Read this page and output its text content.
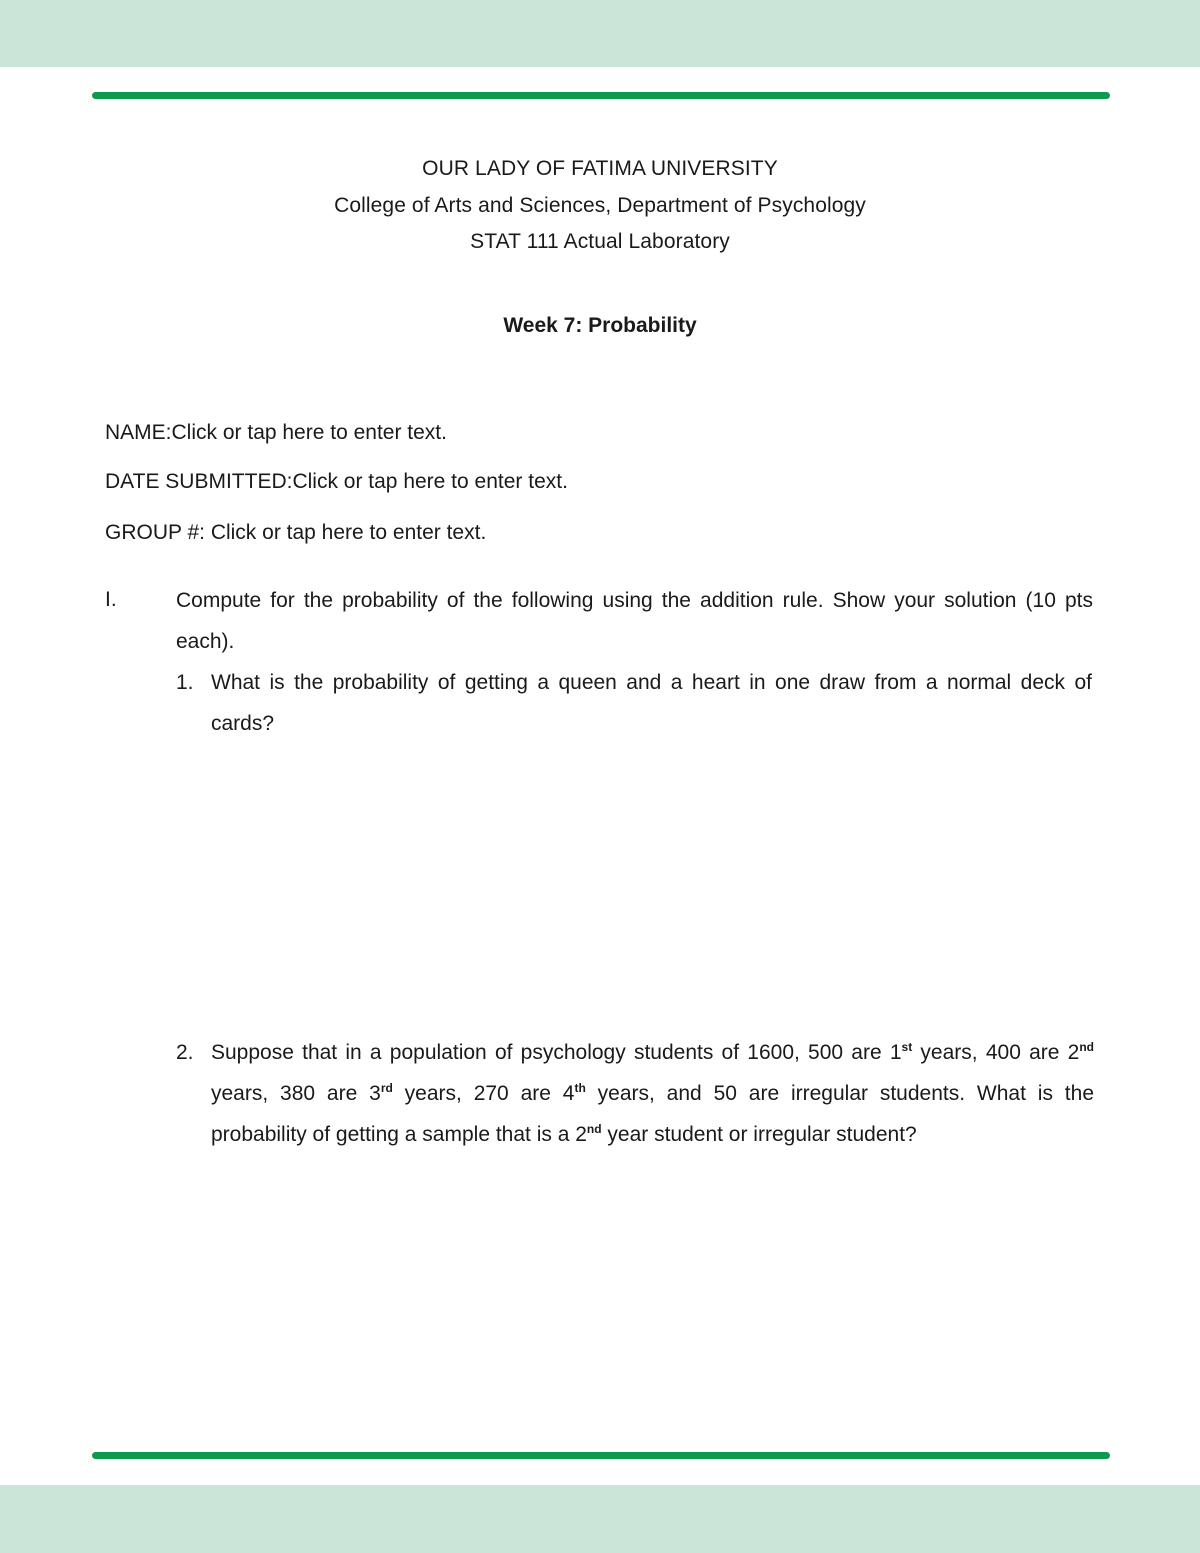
OUR LADY OF FATIMA UNIVERSITY
College of Arts and Sciences, Department of Psychology
STAT 111 Actual Laboratory
Week 7: Probability
NAME:Click or tap here to enter text.
DATE SUBMITTED:Click or tap here to enter text.
GROUP #: Click or tap here to enter text.
I.	Compute for the probability of the following using the addition rule. Show your solution (10 pts each).
1. What is the probability of getting a queen and a heart in one draw from a normal deck of cards?
2. Suppose that in a population of psychology students of 1600, 500 are 1st years, 400 are 2nd years, 380 are 3rd years, 270 are 4th years, and 50 are irregular students. What is the probability of getting a sample that is a 2nd year student or irregular student?
